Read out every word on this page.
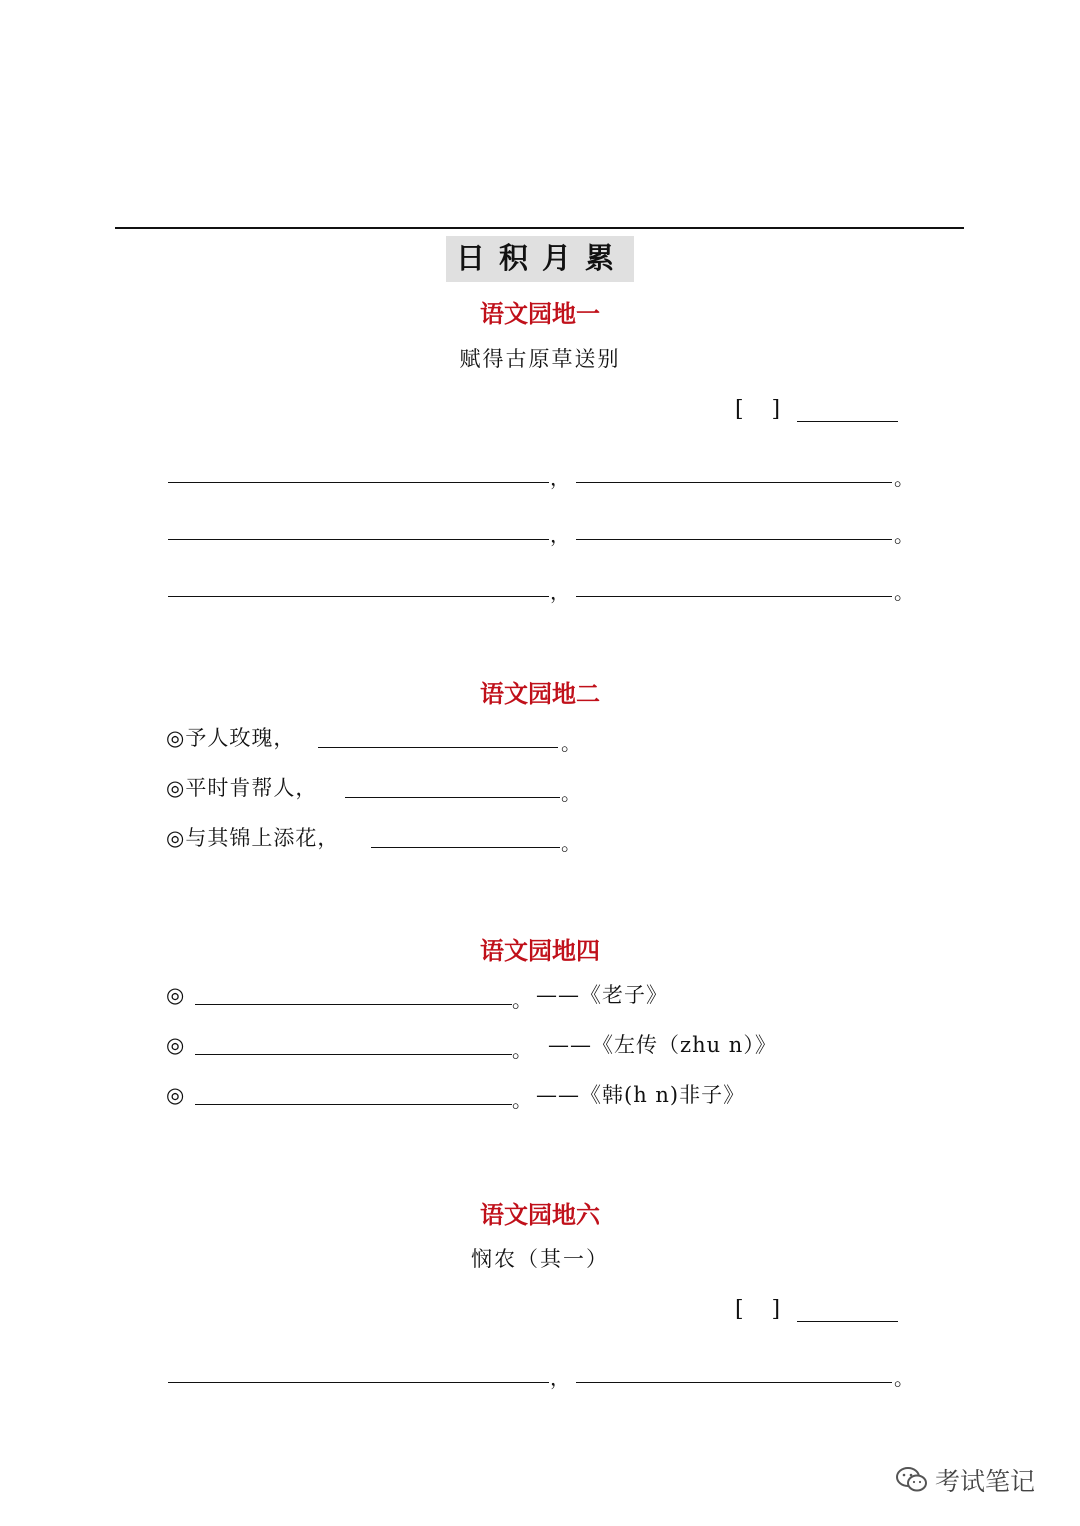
日积月累
语文园地一
赋得古原草送别
[    ]
，	。
，	。
，	。
语文园地二
◎予人玫瑰，	。
◎平时肯帮人，	。
◎与其锦上添花，	。
语文园地四
◎	。 ——《老子》
◎	。 ——《左传（zhu n）》
◎	。 ——《韩(h n)非子》
语文园地六
悯农（其一）
[    ]
，	。
考试笔记
